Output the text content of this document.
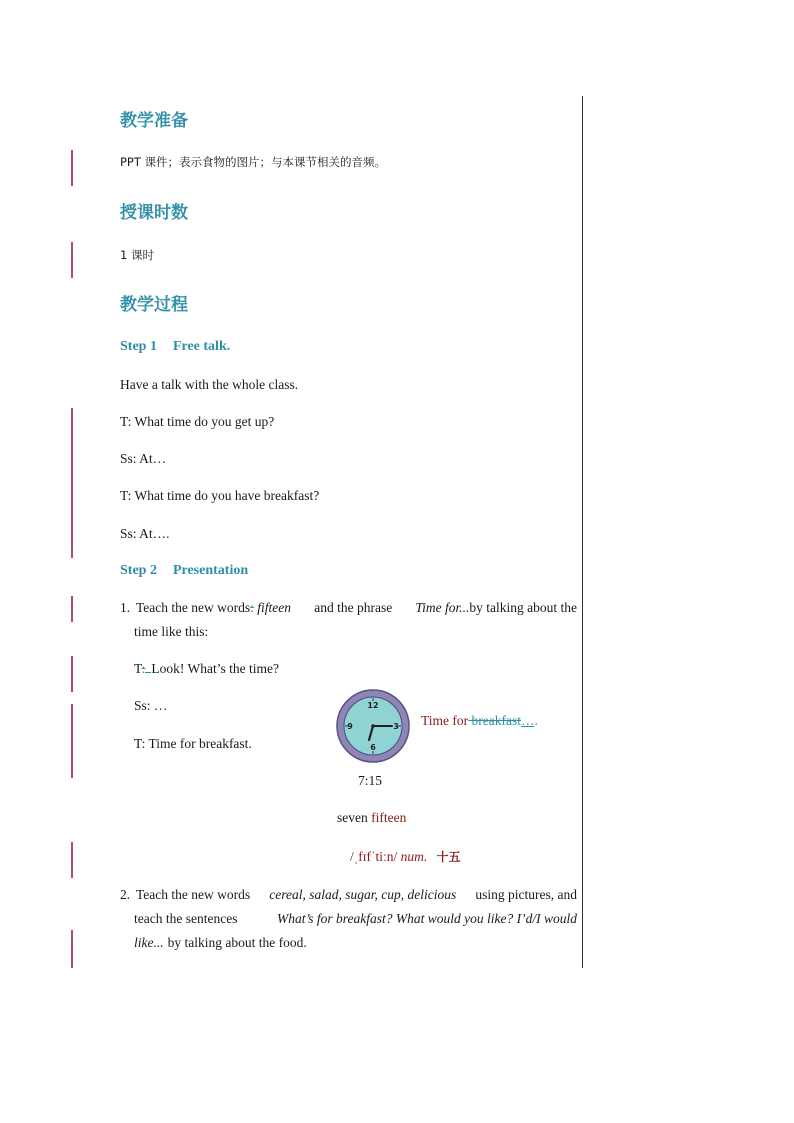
教学准备
PPT 课件；表示食物的图片；与本课节相关的音频。
授课时数
1 课时
教学过程
Step 1 Free talk.
Have a talk with the whole class.
T: What time do you get up?
Ss: At…
T: What time do you have breakfast?
Ss: At….
Step 2 Presentation
1. Teach the new words: fifteen and the phrase Time for...by talking about the
time like this:
T: Look! What’s the time?
Ss: …
T: Time for breakfast.
12
3
6
9	Time for breakfast….
7:15
seven fifteen
/ˌfɪfˈtiːn/ num. 十五
2. Teach the new words cereal, salad, sugar, cup, delicious using pictures, and
teach the sentences	What’s for breakfast? What would you like? I’d/I would
like... by talking about the food.
